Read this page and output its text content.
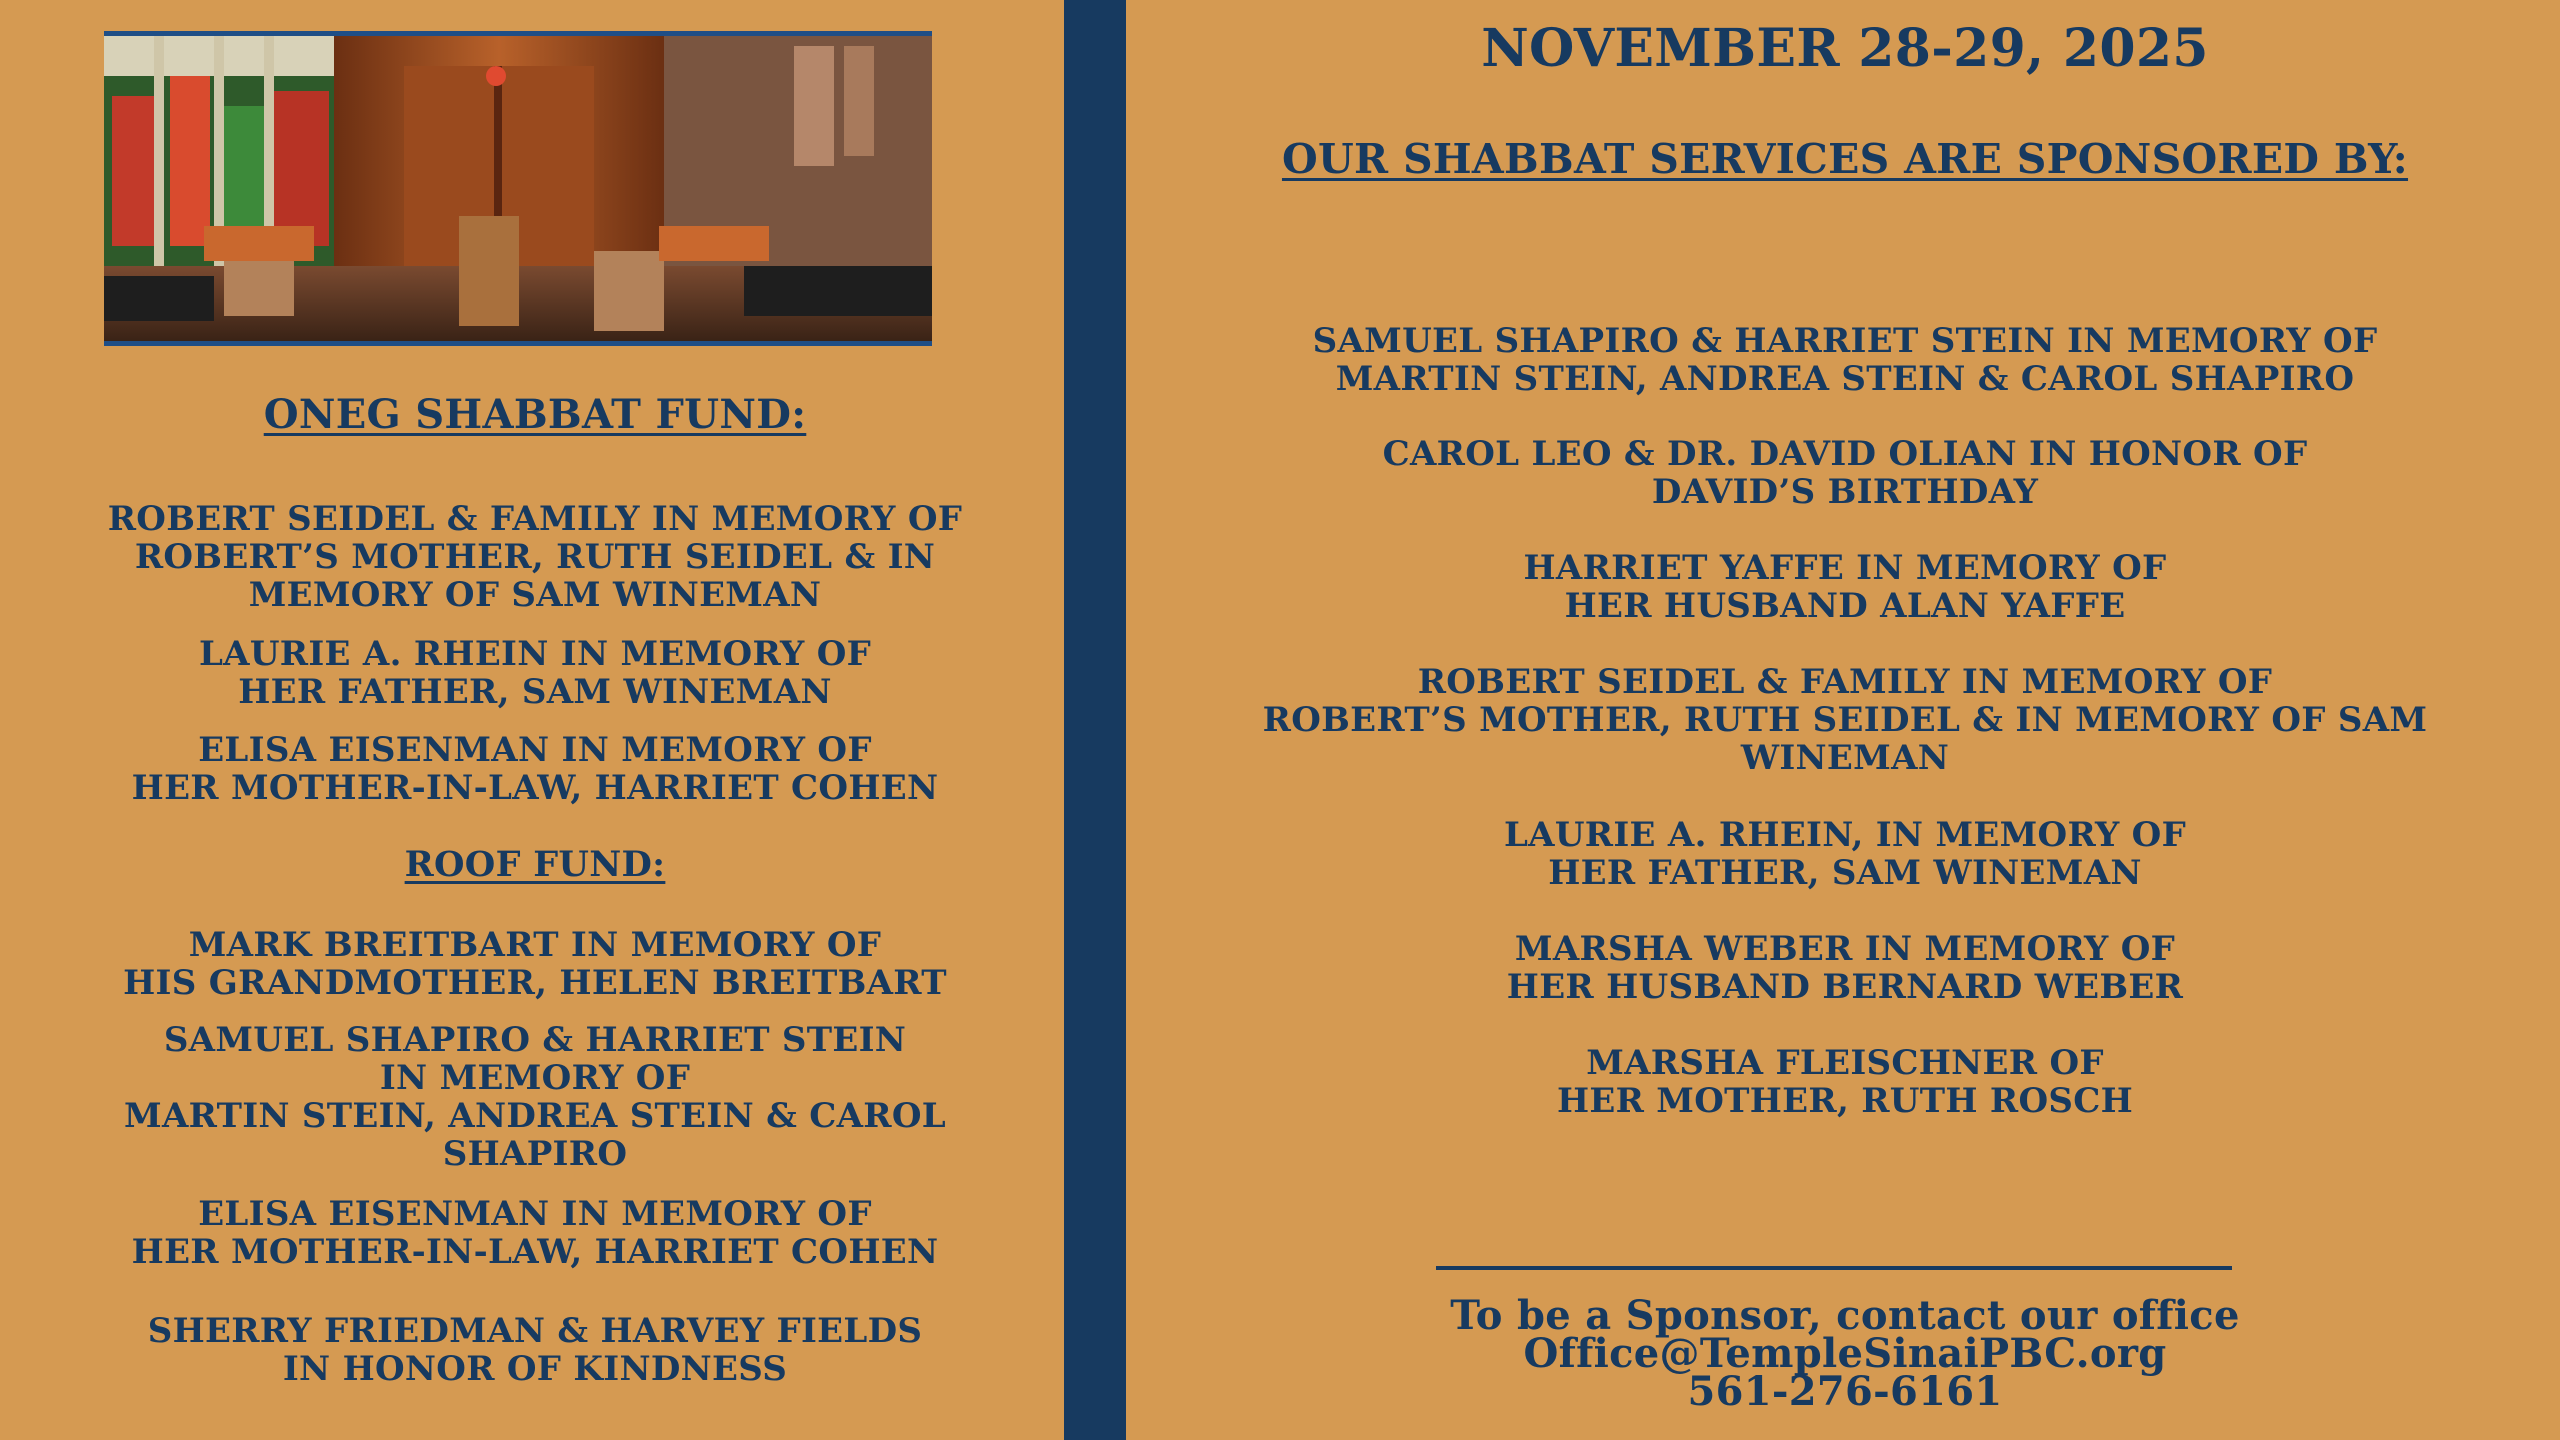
ONEG SHABBAT FUND:
ROBERT SEIDEL & FAMILY IN MEMORY OF
ROBERT’S MOTHER, RUTH SEIDEL & IN
MEMORY OF SAM WINEMAN
LAURIE A. RHEIN IN MEMORY OF
HER FATHER, SAM WINEMAN
ELISA EISENMAN IN MEMORY OF
HER MOTHER-IN-LAW, HARRIET COHEN
ROOF FUND:
MARK BREITBART IN MEMORY OF
HIS GRANDMOTHER, HELEN BREITBART
SAMUEL SHAPIRO & HARRIET STEIN
IN MEMORY OF
MARTIN STEIN, ANDREA STEIN & CAROL
SHAPIRO
ELISA EISENMAN IN MEMORY OF
HER MOTHER-IN-LAW, HARRIET COHEN
SHERRY FRIEDMAN & HARVEY FIELDS
IN HONOR OF KINDNESS
NOVEMBER 28-29, 2025
OUR SHABBAT SERVICES ARE SPONSORED BY:
SAMUEL SHAPIRO & HARRIET STEIN IN MEMORY OF
MARTIN STEIN, ANDREA STEIN & CAROL SHAPIRO
CAROL LEO & DR. DAVID OLIAN IN HONOR OF
DAVID’S BIRTHDAY
HARRIET YAFFE IN MEMORY OF
HER HUSBAND ALAN YAFFE
ROBERT SEIDEL & FAMILY IN MEMORY OF
ROBERT’S MOTHER, RUTH SEIDEL & IN MEMORY OF SAM
WINEMAN
LAURIE A. RHEIN, IN MEMORY OF
HER FATHER, SAM WINEMAN
MARSHA WEBER IN MEMORY OF
HER HUSBAND BERNARD WEBER
MARSHA FLEISCHNER OF
HER MOTHER, RUTH ROSCH
To be a Sponsor, contact our office
Office@TempleSinaiPBC.org
561-276-6161
